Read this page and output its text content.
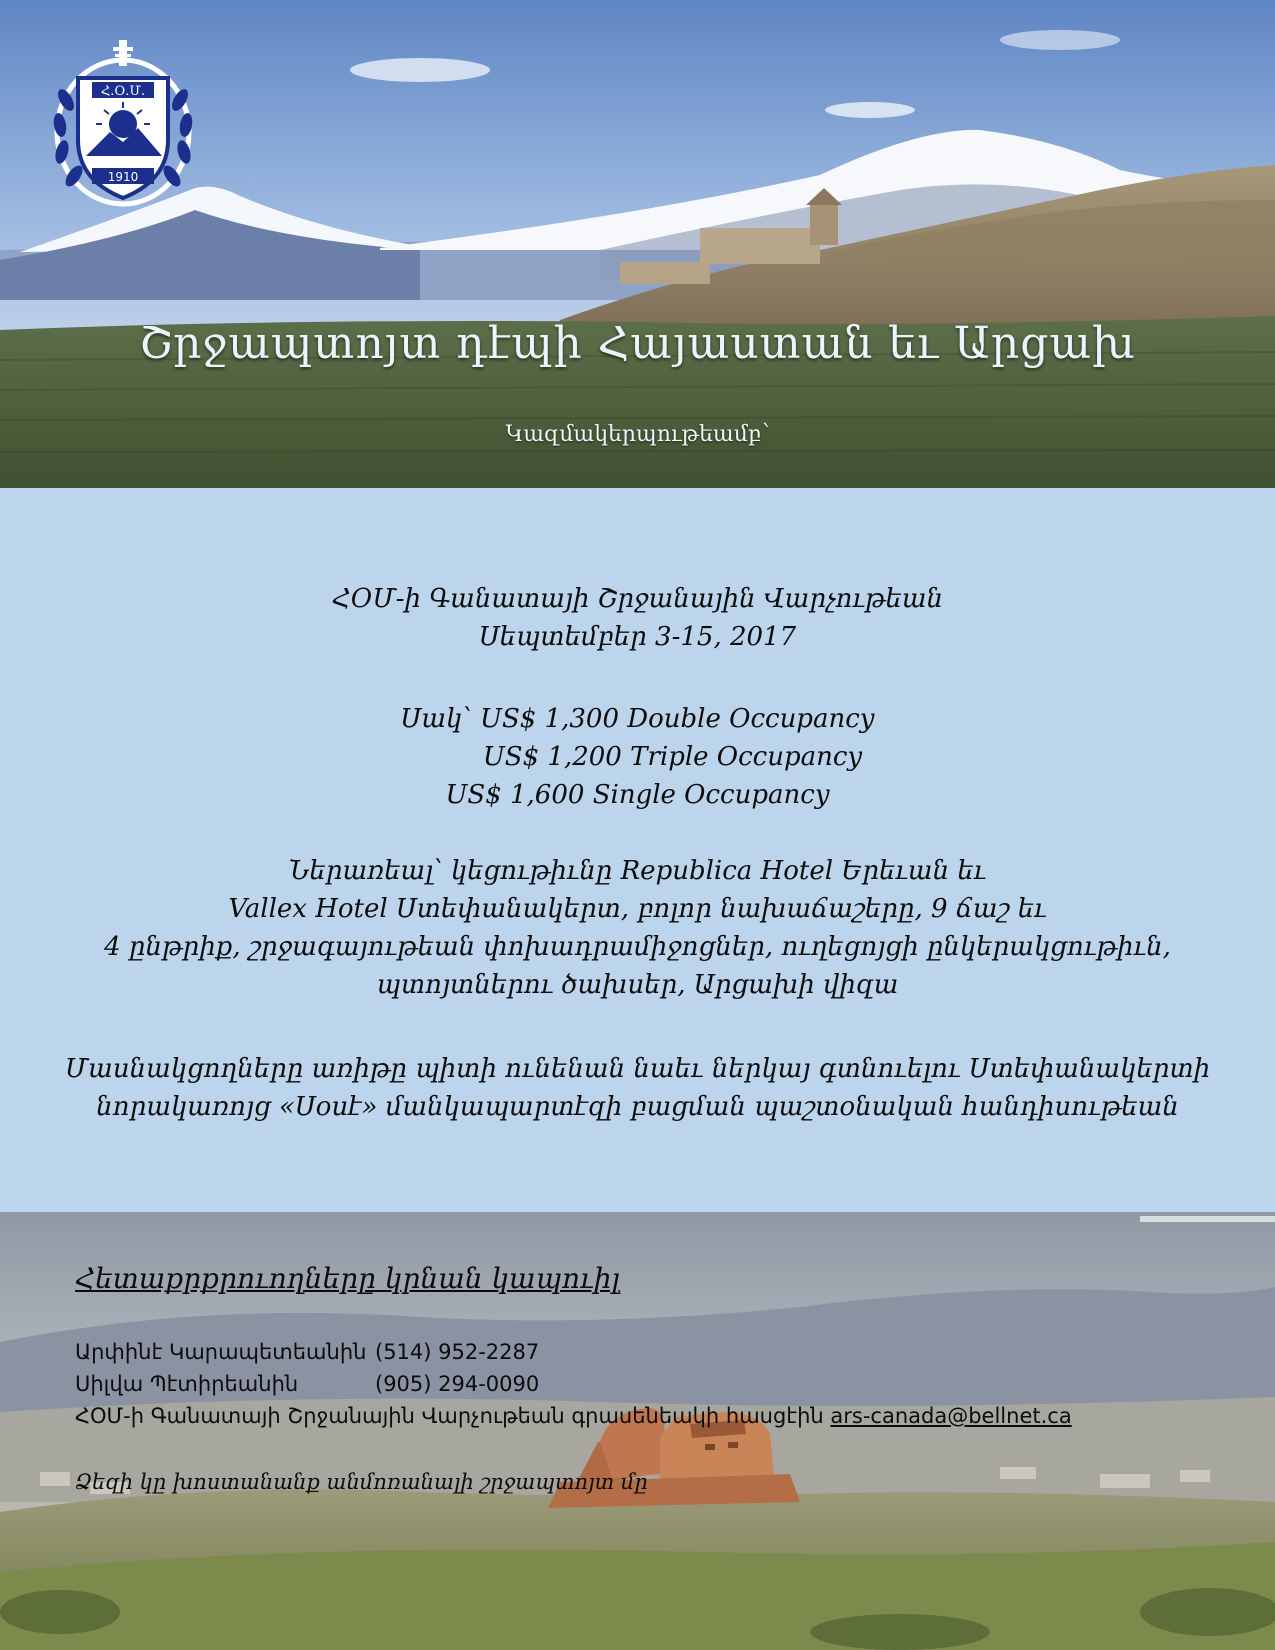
Հ.Օ.Մ.
1910
Շրջապտոյտ դէպի Հայաստան եւ Արցախ
Կազմակերպութեամբ՝
ՀՕՄ-ի Գանատայի Շրջանային Վարչութեան
Սեպտեմբեր 3-15, 2017
Սակ՝ US$ 1,300 Double Occupancy
US$ 1,200 Triple Occupancy
US$ 1,600 Single Occupancy
Ներառեալ՝ կեցութիւնը Republica Hotel Երեւան եւ
Vallex Hotel Ստեփանակերտ, բոլոր նախաճաշերը, 9 ճաշ եւ
4 ընթրիք, շրջագայութեան փոխադրամիջոցներ, ուղեցոյցի ընկերակցութիւն,
պտոյտներու ծախսեր, Արցախի վիզա
Մասնակցողները առիթը պիտի ունենան նաեւ ներկայ գտնուելու Ստեփանակերտի
նորակառոյց «Սօսէ» մանկապարտէզի բացման պաշտօնական հանդիսութեան
Հետաքրքրուողները կրնան կապուիլ
Արփինէ Կարապետեանին (514) 952-2287
Սիլվա Պէտիրեանին	(905) 294-0090
ՀՕՄ-ի Գանատայի Շրջանային Վարչութեան գրասենեակի հասցէին ars-canada@bellnet.ca
Ձեզի կը խոստանանք անմոռանալի շրջապտոյտ մը
